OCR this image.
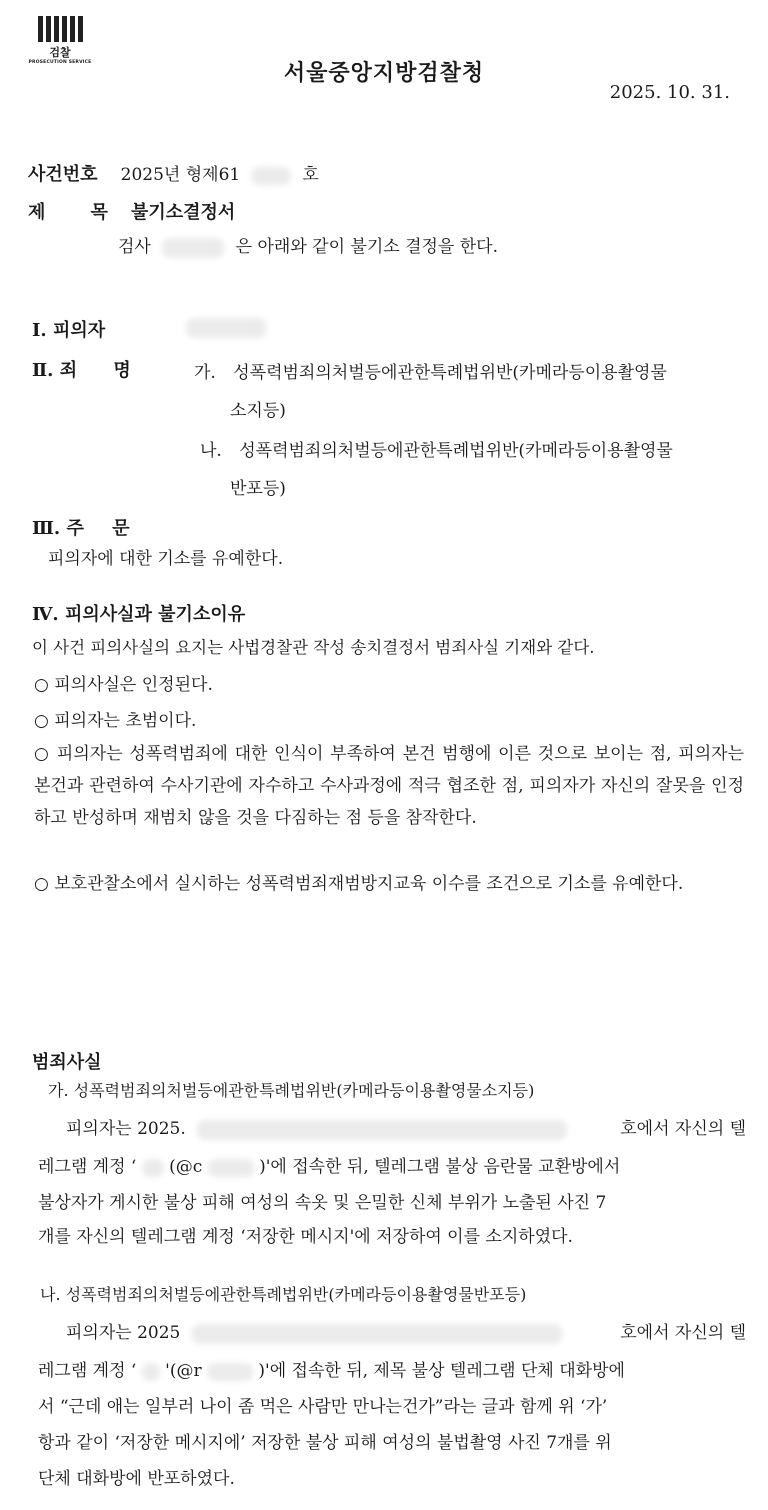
검찰
PROSECUTION SERVICE	서울중앙지방검찰청
2025. 10. 31.
사건번호 2025년 형제61	호
제	목 불기소결정서
검사	은 아래와 같이 불기소 결정을 한다.
Ⅰ. 피의자
Ⅱ. 죄 명	가. 성폭력범죄의처벌등에관한특례법위반(카메라등이용촬영물
소지등)
나. 성폭력범죄의처벌등에관한특례법위반(카메라등이용촬영물
반포등)
Ⅲ. 주 문
피의자에 대한 기소를 유예한다.
Ⅳ. 피의사실과 불기소이유
이 사건 피의사실의 요지는 사법경찰관 작성 송치결정서 범죄사실 기재와 같다.
○ 피의사실은 인정된다.
○ 피의자는 초범이다.
○ 피의자는 성폭력범죄에 대한 인식이 부족하여 본건 범행에 이른 것으로 보이는 점, 피의자는 본건과 관련하여 수사기관에 자수하고 수사과정에 적극 협조한 점, 피의자가 자신의 잘못을 인정하고 반성하며 재범치 않을 것을 다짐하는 점 등을 참작한다.
○ 보호관찰소에서 실시하는 성폭력범죄재범방지교육 이수를 조건으로 기소를 유예한다.
범죄사실
가. 성폭력범죄의처벌등에관한특례법위반(카메라등이용촬영물소지등)
피의자는 2025.	호에서 자신의 텔
레그램 계정 ‘ (@c	)'에 접속한 뒤, 텔레그램 불상 음란물 교환방에서
불상자가 게시한 불상 피해 여성의 속옷 및 은밀한 신체 부위가 노출된 사진 7
개를 자신의 텔레그램 계정 ‘저장한 메시지'에 저장하여 이를 소지하였다.
나. 성폭력범죄의처벌등에관한특례법위반(카메라등이용촬영물반포등)
피의자는 2025	호에서 자신의 텔
레그램 계정 ‘ '(@r	)'에 접속한 뒤, 제목 불상 텔레그램 단체 대화방에
서 “근데 애는 일부러 나이 좀 먹은 사람만 만나는건가”라는 글과 함께 위 ‘가’
항과 같이 ‘저장한 메시지에’ 저장한 불상 피해 여성의 불법촬영 사진 7개를 위
단체 대화방에 반포하였다.
